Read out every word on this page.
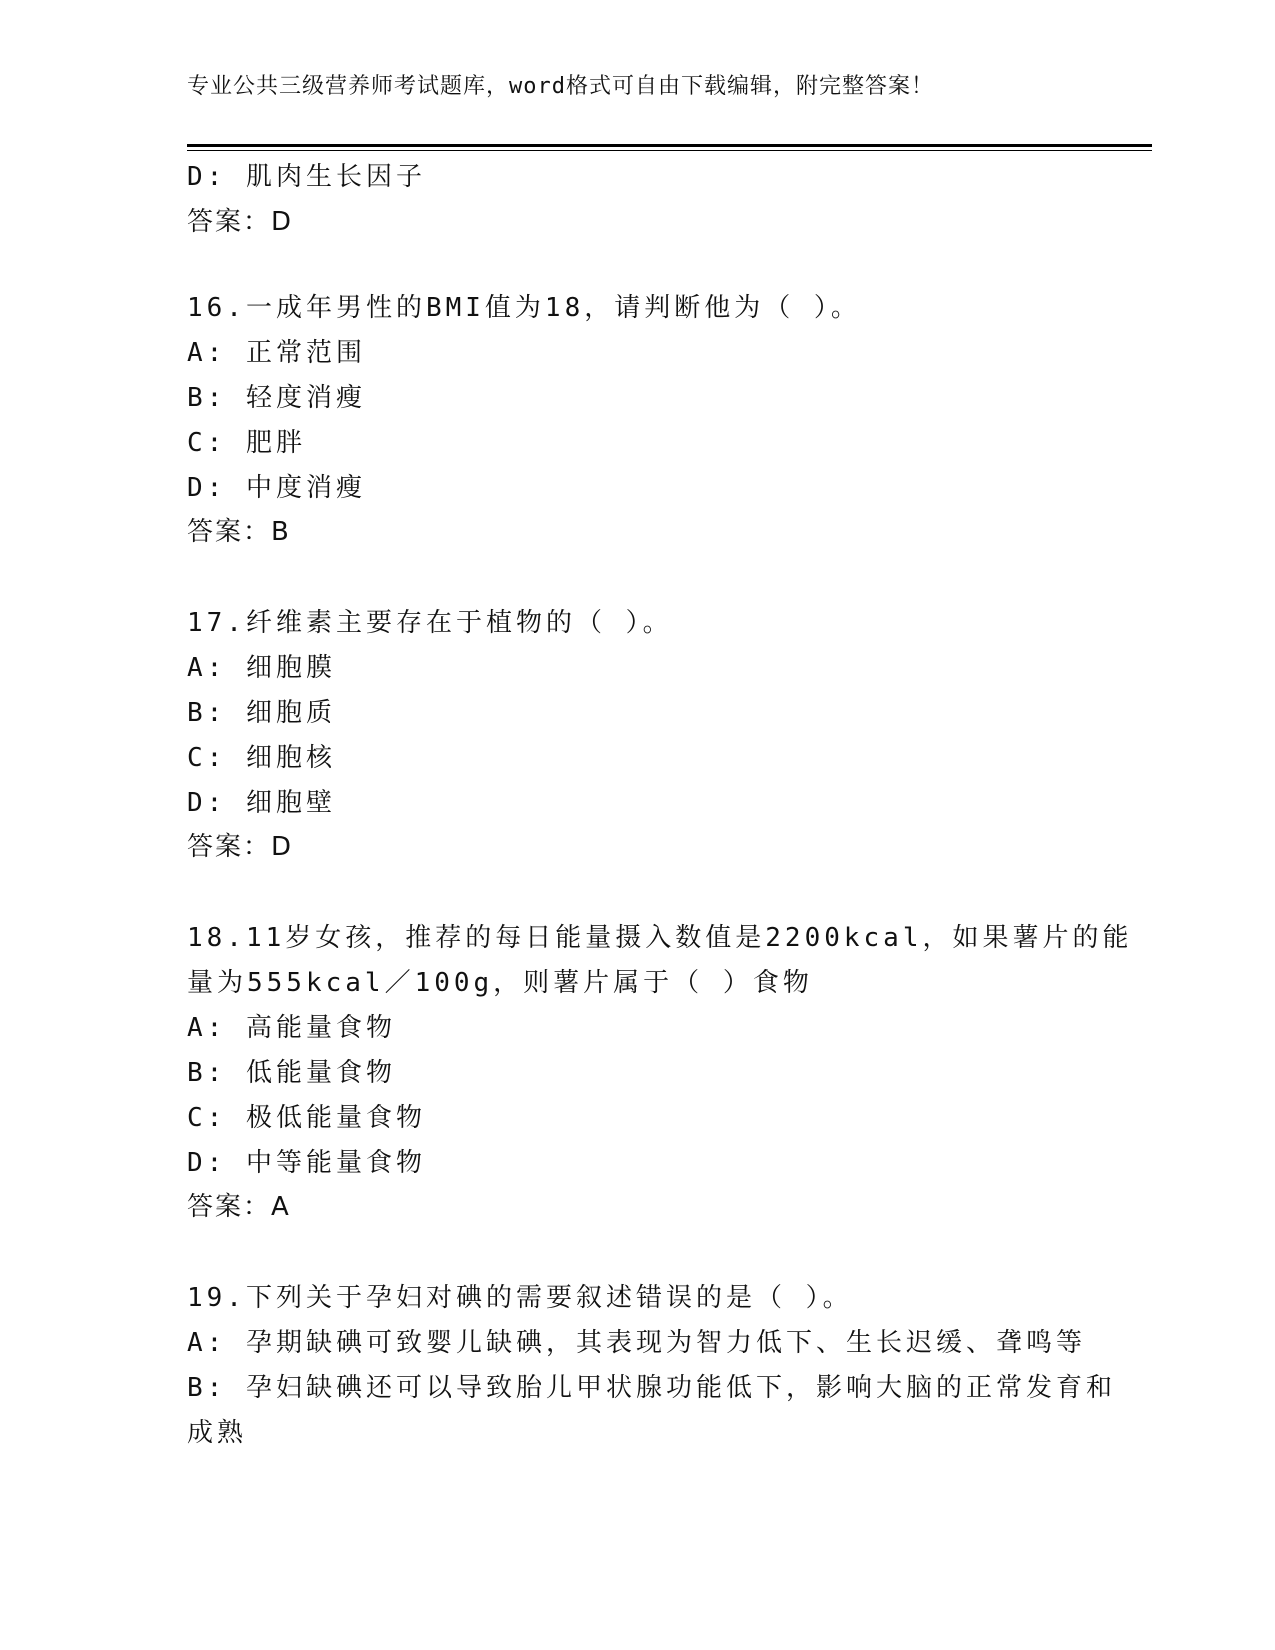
专业公共三级营养师考试题库，word格式可自由下载编辑，附完整答案！
D: 肌肉生长因子
答案：D
16.一成年男性的BMI值为18，请判断他为（ ）。
A: 正常范围
B: 轻度消瘦
C: 肥胖
D: 中度消瘦
答案：B
17.纤维素主要存在于植物的（ ）。
A: 细胞膜
B: 细胞质
C: 细胞核
D: 细胞壁
答案：D
18.11岁女孩，推荐的每日能量摄入数值是2200kcal，如果薯片的能
量为555kcal／100g，则薯片属于（ ）食物
A: 高能量食物
B: 低能量食物
C: 极低能量食物
D: 中等能量食物
答案：A
19.下列关于孕妇对碘的需要叙述错误的是（ ）。
A: 孕期缺碘可致婴儿缺碘，其表现为智力低下、生长迟缓、聋鸣等
B: 孕妇缺碘还可以导致胎儿甲状腺功能低下，影响大脑的正常发育和
成熟
